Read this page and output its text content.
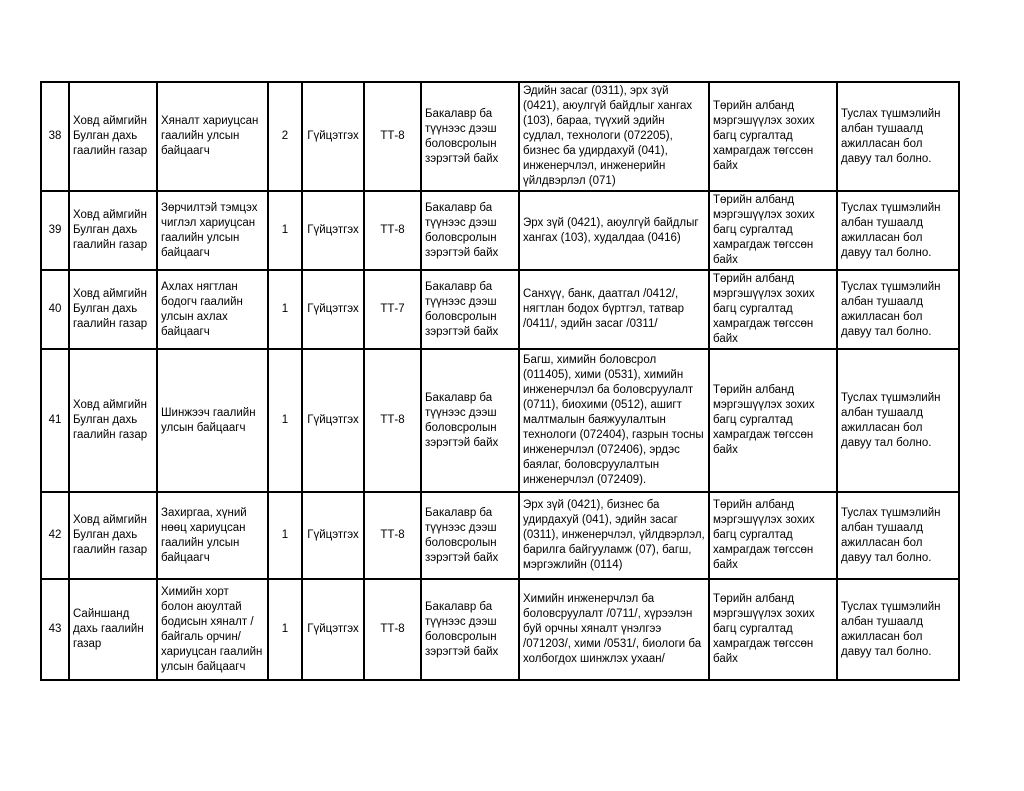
38	Ховд аймгийн Булган дахь гаалийн газар	Хяналт хариуцсан гаалийн улсын байцаагч	2	Гүйцэтгэх	ТТ-8	Бакалавр ба түүнээс дээш боловсролын зэрэгтэй байх	Эдийн засаг (0311), эрх зүй (0421), аюулгүй байдлыг хангах (103), бараа, түүхий эдийн судлал, технологи (072205), бизнес ба удирдахуй (041), инженерчлэл, инженерийн үйлдвэрлэл (071)	Төрийн албанд мэргэшүүлэх зохих багц сургалтад хамрагдаж төгссөн байх	Туслах түшмэлийн албан тушаалд ажилласан бол давуу тал болно.
39	Ховд аймгийн Булган дахь гаалийн газар	Зөрчилтэй тэмцэх чиглэл хариуцсан гаалийн улсын байцаагч	1	Гүйцэтгэх	ТТ-8	Бакалавр ба түүнээс дээш боловсролын зэрэгтэй байх	Эрх зүй (0421), аюулгүй байдлыг хангах (103), худалдаа (0416)	Төрийн албанд мэргэшүүлэх зохих багц сургалтад хамрагдаж төгссөн байх	Туслах түшмэлийн албан тушаалд ажилласан бол давуу тал болно.
40	Ховд аймгийн Булган дахь гаалийн газар	Ахлах нягтлан бодогч гаалийн улсын ахлах байцаагч	1	Гүйцэтгэх	ТТ-7	Бакалавр ба түүнээс дээш боловсролын зэрэгтэй байх	Санхүү, банк, даатгал /0412/, нягтлан бодох бүртгэл, татвар /0411/, эдийн засаг /0311/	Төрийн албанд мэргэшүүлэх зохих багц сургалтад хамрагдаж төгссөн байх	Туслах түшмэлийн албан тушаалд ажилласан бол давуу тал болно.
41	Ховд аймгийн Булган дахь гаалийн газар	Шинжээч гаалийн улсын байцаагч	1	Гүйцэтгэх	ТТ-8	Бакалавр ба түүнээс дээш боловсролын зэрэгтэй байх	Багш, химийн боловсрол (011405), хими (0531), химийн инженерчлэл ба боловсруулалт (0711), биохими (0512), ашигт малтмалын баяжуулалтын технологи (072404), газрын тосны инженерчлэл (072406), эрдэс баялаг, боловсруулалтын инженерчлэл (072409).	Төрийн албанд мэргэшүүлэх зохих багц сургалтад хамрагдаж төгссөн байх	Туслах түшмэлийн албан тушаалд ажилласан бол давуу тал болно.
42	Ховд аймгийн Булган дахь гаалийн газар	Захиргаа, хүний нөөц хариуцсан гаалийн улсын байцаагч	1	Гүйцэтгэх	ТТ-8	Бакалавр ба түүнээс дээш боловсролын зэрэгтэй байх	Эрх зүй (0421), бизнес ба удирдахуй (041), эдийн засаг (0311), инженерчлэл, үйлдвэрлэл, барилга байгууламж (07), багш, мэргэжлийн (0114)	Төрийн албанд мэргэшүүлэх зохих багц сургалтад хамрагдаж төгссөн байх	Туслах түшмэлийн албан тушаалд ажилласан бол давуу тал болно.
43	Сайншанд дахь гаалийн газар	Химийн хорт болон аюултай бодисын хяналт /байгаль орчин/ хариуцсан гаалийн улсын байцаагч	1	Гүйцэтгэх	ТТ-8	Бакалавр ба түүнээс дээш боловсролын зэрэгтэй байх	Химийн инженерчлэл ба боловсруулалт /0711/, хүрээлэн буй орчны хяналт үнэлгээ /071203/, хими /0531/, биологи ба холбогдох шинжлэх ухаан/	Төрийн албанд мэргэшүүлэх зохих багц сургалтад хамрагдаж төгссөн байх	Туслах түшмэлийн албан тушаалд ажилласан бол давуу тал болно.
